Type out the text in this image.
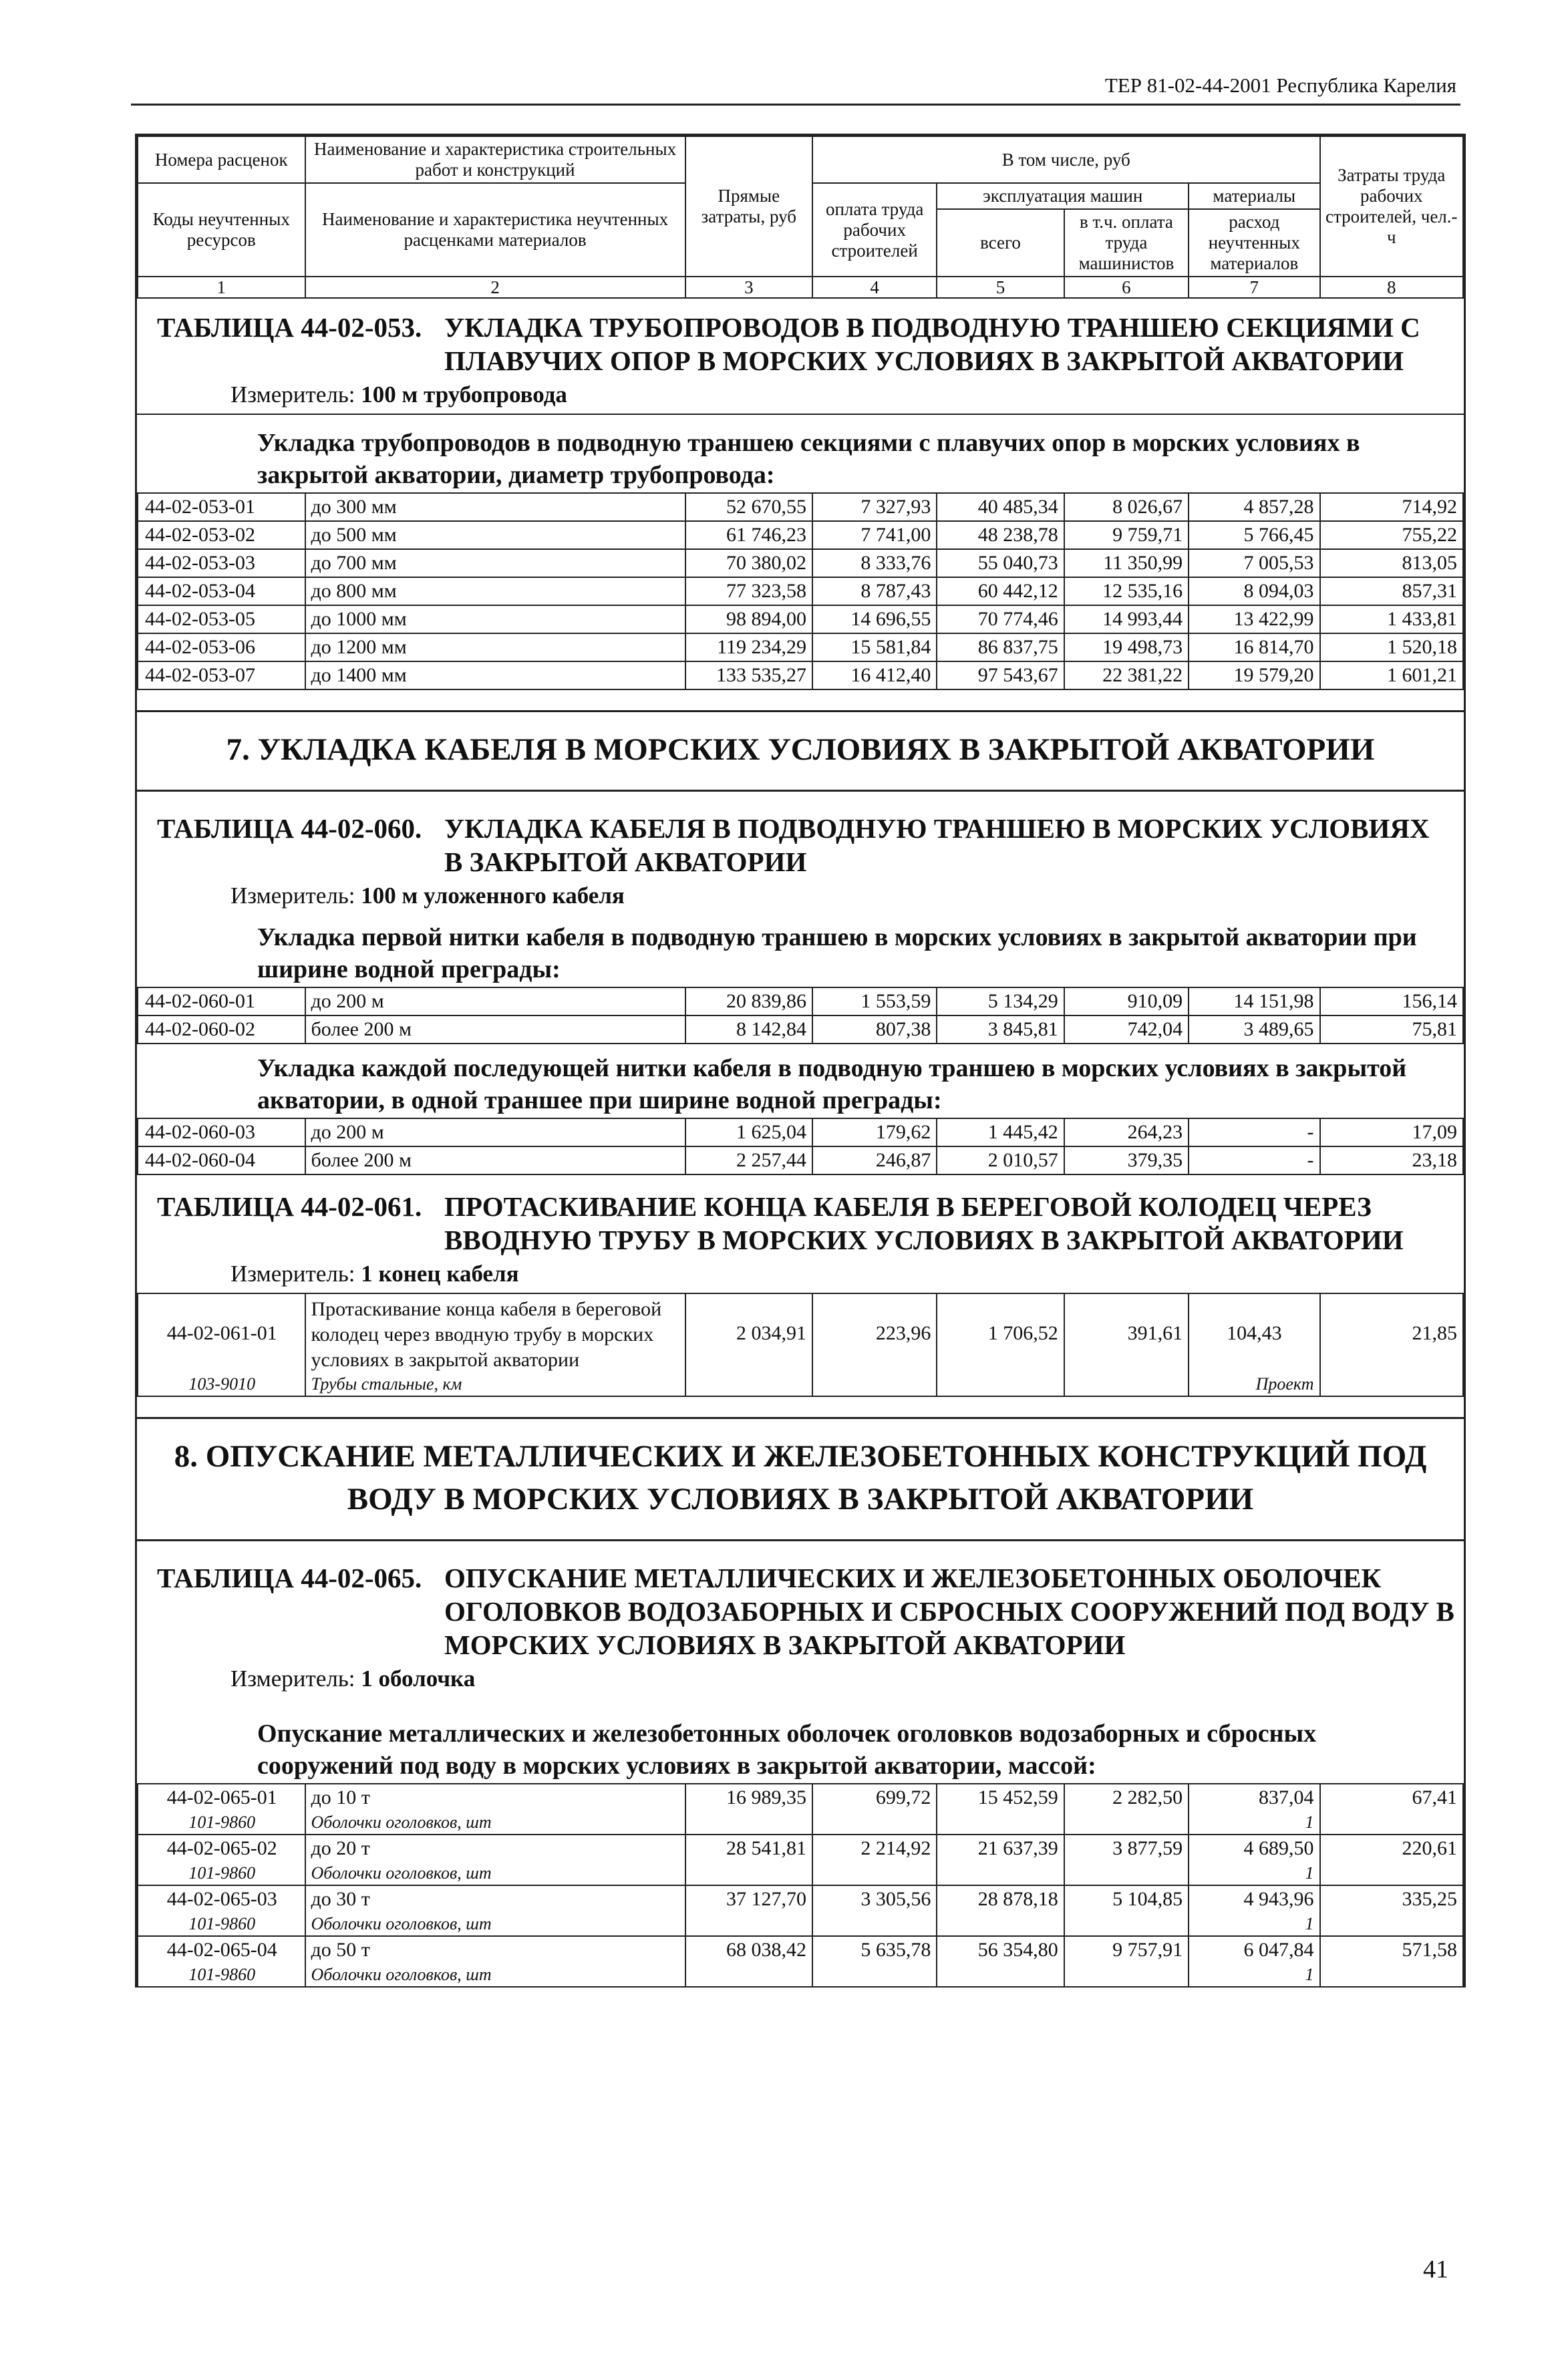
ТЕР 81-02-44-2001 Республика Карелия
Номера расценок	Наименование и характеристика строительных работ и конструкций	Прямые затраты, руб	В том числе, руб				Затраты труда рабочих строителей, чел.-ч
Коды неучтенных ресурсов	Наименование и характеристика неучтенных расценками материалов		оплата труда рабочих строителей	эксплуатация машин		материалы	
				всего	в т.ч. оплата труда машинистов	расход неучтенных материалов	
1	2	3	4	5	6	7	8
ТАБЛИЦА 44-02-053. УКЛАДКА ТРУБОПРОВОДОВ В ПОДВОДНУЮ ТРАНШЕЮ СЕКЦИЯМИ С ПЛАВУЧИХ ОПОР В МОРСКИХ УСЛОВИЯХ В ЗАКРЫТОЙ АКВАТОРИИ
Измеритель: 100 м трубопровода
Укладка трубопроводов в подводную траншею секциями с плавучих опор в морских условиях в закрытой акватории, диаметр трубопровода:
44-02-053-01	до 300 мм	52 670,55	7 327,93	40 485,34	8 026,67	4 857,28	714,92
44-02-053-02	до 500 мм	61 746,23	7 741,00	48 238,78	9 759,71	5 766,45	755,22
44-02-053-03	до 700 мм	70 380,02	8 333,76	55 040,73	11 350,99	7 005,53	813,05
44-02-053-04	до 800 мм	77 323,58	8 787,43	60 442,12	12 535,16	8 094,03	857,31
44-02-053-05	до 1000 мм	98 894,00	14 696,55	70 774,46	14 993,44	13 422,99	1 433,81
44-02-053-06	до 1200 мм	119 234,29	15 581,84	86 837,75	19 498,73	16 814,70	1 520,18
44-02-053-07	до 1400 мм	133 535,27	16 412,40	97 543,67	22 381,22	19 579,20	1 601,21
7. УКЛАДКА КАБЕЛЯ В МОРСКИХ УСЛОВИЯХ В ЗАКРЫТОЙ АКВАТОРИИ
ТАБЛИЦА 44-02-060. УКЛАДКА КАБЕЛЯ В ПОДВОДНУЮ ТРАНШЕЮ В МОРСКИХ УСЛОВИЯХ В ЗАКРЫТОЙ АКВАТОРИИ
Измеритель: 100 м уложенного кабеля
Укладка первой нитки кабеля в подводную траншею в морских условиях в закрытой акватории при ширине водной преграды:
44-02-060-01	до 200 м	20 839,86	1 553,59	5 134,29	910,09	14 151,98	156,14
44-02-060-02	более 200 м	8 142,84	807,38	3 845,81	742,04	3 489,65	75,81
Укладка каждой последующей нитки кабеля в подводную траншею в морских условиях в закрытой акватории, в одной траншее при ширине водной преграды:
44-02-060-03	до 200 м	1 625,04	179,62	1 445,42	264,23	-	17,09
44-02-060-04	более 200 м	2 257,44	246,87	2 010,57	379,35	-	23,18
ТАБЛИЦА 44-02-061. ПРОТАСКИВАНИЕ КОНЦА КАБЕЛЯ В БЕРЕГОВОЙ КОЛОДЕЦ ЧЕРЕЗ ВВОДНУЮ ТРУБУ В МОРСКИХ УСЛОВИЯХ В ЗАКРЫТОЙ АКВАТОРИИ
Измеритель: 1 конец кабеля
44-02-061-01	Протаскивание конца кабеля в береговой колодец через вводную трубу в морских условиях в закрытой акватории	2 034,91	223,96	1 706,52	391,61	104,43	21,85
103-9010	Трубы стальные, км					Проект	
8. ОПУСКАНИЕ МЕТАЛЛИЧЕСКИХ И ЖЕЛЕЗОБЕТОННЫХ КОНСТРУКЦИЙ ПОД ВОДУ В МОРСКИХ УСЛОВИЯХ В ЗАКРЫТОЙ АКВАТОРИИ
ТАБЛИЦА 44-02-065. ОПУСКАНИЕ МЕТАЛЛИЧЕСКИХ И ЖЕЛЕЗОБЕТОННЫХ ОБОЛОЧЕК ОГОЛОВКОВ ВОДОЗАБОРНЫХ И СБРОСНЫХ СООРУЖЕНИЙ ПОД ВОДУ В МОРСКИХ УСЛОВИЯХ В ЗАКРЫТОЙ АКВАТОРИИ
Измеритель: 1 оболочка
Опускание металлических и железобетонных оболочек оголовков водозаборных и сбросных сооружений под воду в морских условиях в закрытой акватории, массой:
44-02-065-01	до 10 т	16 989,35	699,72	15 452,59	2 282,50	837,04	67,41
101-9860	Оболочки оголовков, шт					1	
44-02-065-02	до 20 т	28 541,81	2 214,92	21 637,39	3 877,59	4 689,50	220,61
101-9860	Оболочки оголовков, шт					1	
44-02-065-03	до 30 т	37 127,70	3 305,56	28 878,18	5 104,85	4 943,96	335,25
101-9860	Оболочки оголовков, шт					1	
44-02-065-04	до 50 т	68 038,42	5 635,78	56 354,80	9 757,91	6 047,84	571,58
101-9860	Оболочки оголовков, шт					1	
41
